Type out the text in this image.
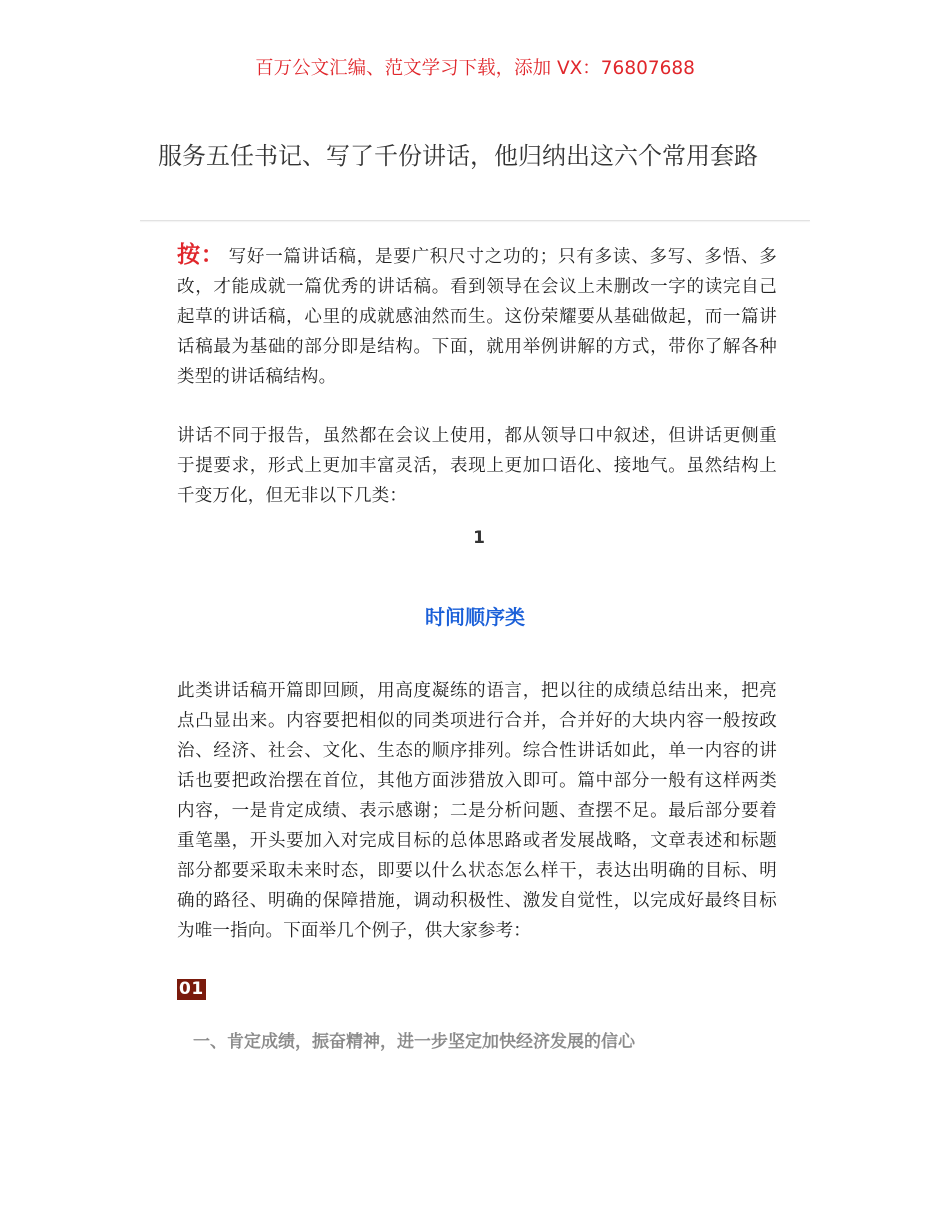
百万公文汇编、范文学习下载，添加 VX：76807688
服务五任书记、写了千份讲话，他归纳出这六个常用套路

按： 写好一篇讲话稿，是要广积尺寸之功的；只有多读、多写、多悟、多改，才能成就一篇优秀的讲话稿。看到领导在会议上未删改一字的读完自己起草的讲话稿，心里的成就感油然而生。这份荣耀要从基础做起，而一篇讲话稿最为基础的部分即是结构。下面，就用举例讲解的方式，带你了解各种类型的讲话稿结构。

讲话不同于报告，虽然都在会议上使用，都从领导口中叙述，但讲话更侧重于提要求，形式上更加丰富灵活，表现上更加口语化、接地气。虽然结构上千变万化，但无非以下几类：

1
时间顺序类

此类讲话稿开篇即回顾，用高度凝练的语言，把以往的成绩总结出来，把亮点凸显出来。内容要把相似的同类项进行合并，合并好的大块内容一般按政治、经济、社会、文化、生态的顺序排列。综合性讲话如此，单一内容的讲话也要把政治摆在首位，其他方面涉猎放入即可。篇中部分一般有这样两类内容，一是肯定成绩、表示感谢；二是分析问题、查摆不足。最后部分要着重笔墨，开头要加入对完成目标的总体思路或者发展战略，文章表述和标题部分都要采取未来时态，即要以什么状态怎么样干，表达出明确的目标、明确的路径、明确的保障措施，调动积极性、激发自觉性，以完成好最终目标为唯一指向。下面举几个例子，供大家参考：

01
一、肯定成绩，振奋精神，进一步坚定加快经济发展的信心
